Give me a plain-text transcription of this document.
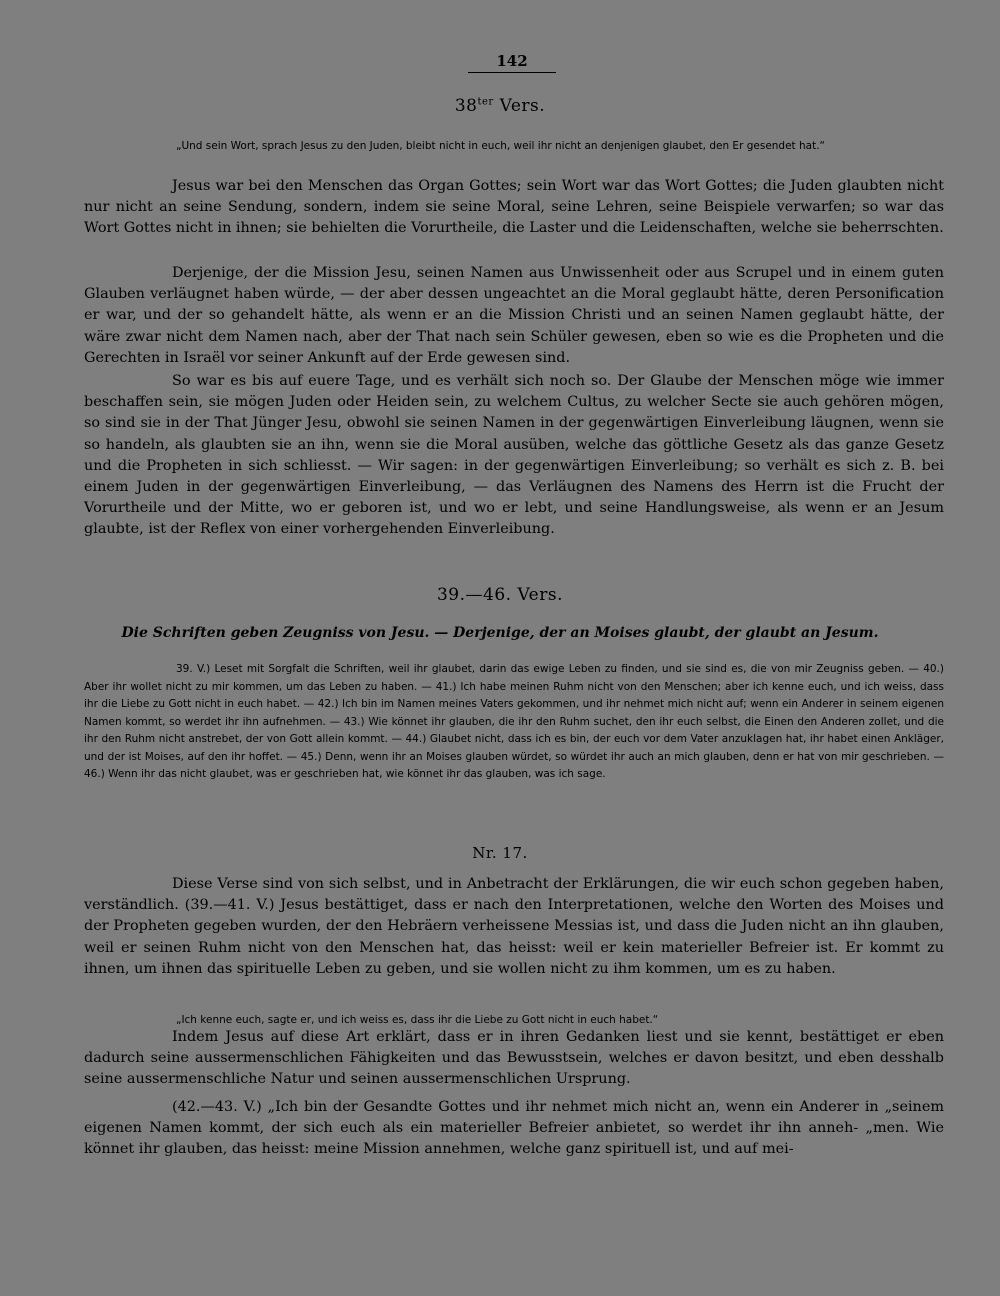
142
$38^{ter}$ Vers.

„Und sein Wort, sprach Jesus zu den Juden, bleibt nicht in euch, weil ihr nicht an denjenigen glaubet, den Er gesendet hat.“

Jesus war bei den Menschen das Organ Gottes; sein Wort war das Wort Gottes; die Juden glaubten nicht nur nicht an seine Sendung, sondern, indem sie seine Moral, seine Lehren, seine Beispiele verwarfen; so war das Wort Gottes nicht in ihnen; sie behielten die Vorurtheile, die Laster und die Leidenschaften, welche sie beherrschten.

Derjenige, der die Mission Jesu, seinen Namen aus Unwissenheit oder aus Scrupel und in einem guten Glauben verläugnet haben würde, — der aber dessen ungeachtet an die Moral geglaubt hätte, deren Personification er war, und der so gehandelt hätte, als wenn er an die Mission Christi und an seinen Namen geglaubt hätte, der wäre zwar nicht dem Namen nach, aber der That nach sein Schüler gewesen, eben so wie es die Propheten und die Gerechten in Israël vor seiner Ankunft auf der Erde gewesen sind.

So war es bis auf euere Tage, und es verhält sich noch so. Der Glaube der Menschen möge wie immer beschaffen sein, sie mögen Juden oder Heiden sein, zu welchem Cultus, zu welcher Secte sie auch gehören mögen, so sind sie in der That Jünger Jesu, obwohl sie seinen Namen in der gegenwärtigen Einverleibung läugnen, wenn sie so handeln, als glaubten sie an ihn, wenn sie die Moral ausüben, welche das göttliche Gesetz als das ganze Gesetz und die Propheten in sich schliesst. — Wir sagen: in der gegenwärtigen Einverleibung; so verhält es sich z. B. bei einem Juden in der gegenwärtigen Einverleibung, — das Verläugnen des Namens des Herrn ist die Frucht der Vorurtheile und der Mitte, wo er geboren ist, und wo er lebt, und seine Handlungsweise, als wenn er an Jesum glaubte, ist der Reflex von einer vorhergehenden Einverleibung.

39.—46. Vers.
Die Schriften geben Zeugniss von Jesu. — Derjenige, der an Moises glaubt, der glaubt an Jesum.

39. V.) Leset mit Sorgfalt die Schriften, weil ihr glaubet, darin das ewige Leben zu finden, und sie sind es, die von mir Zeugniss geben. — 40.) Aber ihr wollet nicht zu mir kommen, um das Leben zu haben. — 41.) Ich habe meinen Ruhm nicht von den Menschen; aber ich kenne euch, und ich weiss, dass ihr die Liebe zu Gott nicht in euch habet. — 42.) Ich bin im Namen meines Vaters gekommen, und ihr nehmet mich nicht auf; wenn ein Anderer in seinem eigenen Namen kommt, so werdet ihr ihn aufnehmen. — 43.) Wie könnet ihr glauben, die ihr den Ruhm suchet, den ihr euch selbst, die Einen den Anderen zollet, und die ihr den Ruhm nicht anstrebet, der von Gott allein kommt. — 44.) Glaubet nicht, dass ich es bin, der euch vor dem Vater anzuklagen hat, ihr habet einen Ankläger, und der ist Moises, auf den ihr hoffet. — 45.) Denn, wenn ihr an Moises glauben würdet, so würdet ihr auch an mich glauben, denn er hat von mir geschrieben. — 46.) Wenn ihr das nicht glaubet, was er geschrieben hat, wie könnet ihr das glauben, was ich sage.

Nr. 17.

Diese Verse sind von sich selbst, und in Anbetracht der Erklärungen, die wir euch schon gegeben haben, verständlich. (39.—41. V.) Jesus bestättiget, dass er nach den Interpretationen, welche den Worten des Moises und der Propheten gegeben wurden, der den Hebräern verheissene Messias ist, und dass die Juden nicht an ihn glauben, weil er seinen Ruhm nicht von den Menschen hat, das heisst: weil er kein materieller Befreier ist. Er kommt zu ihnen, um ihnen das spirituelle Leben zu geben, und sie wollen nicht zu ihm kommen, um es zu haben.

„Ich kenne euch, sagte er, und ich weiss es, dass ihr die Liebe zu Gott nicht in euch habet.“

Indem Jesus auf diese Art erklärt, dass er in ihren Gedanken liest und sie kennt, bestättiget er eben dadurch seine aussermenschlichen Fähigkeiten und das Bewusstsein, welches er davon besitzt, und eben desshalb seine aussermenschliche Natur und seinen aussermenschlichen Ursprung.

(42.—43. V.) „Ich bin der Gesandte Gottes und ihr nehmet mich nicht an, wenn ein Anderer in „seinem eigenen Namen kommt, der sich euch als ein materieller Befreier anbietet, so werdet ihr ihn anneh- „men. Wie könnet ihr glauben, das heisst: meine Mission annehmen, welche ganz spirituell ist, und auf mei-
